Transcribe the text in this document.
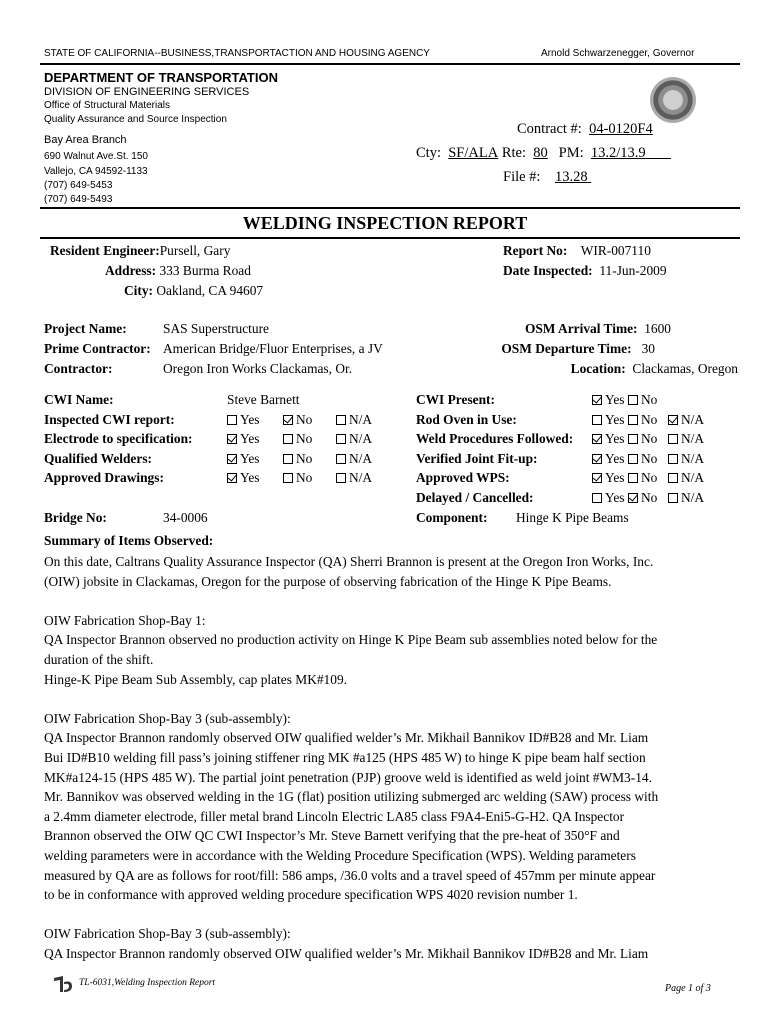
STATE OF CALIFORNIA--BUSINESS,TRANSPORTACTION AND HOUSING AGENCY	Arnold Schwarzenegger, Governor
DEPARTMENT OF TRANSPORTATION
DIVISION OF ENGINEERING SERVICES
Office of Structural Materials
Quality Assurance and Source Inspection
Bay Area Branch
690 Walnut Ave.St. 150
Vallejo, CA 94592-1133
(707) 649-5453
(707) 649-5493
Contract #: 04-0120F4
Cty: SF/ALA Rte: 80 PM: 13.2/13.9
File #: 13.28
WELDING INSPECTION REPORT
Resident Engineer:Pursell, Gary
Address: 333 Burma Road
City: Oakland, CA 94607
Report No: WIR-007110
Date Inspected: 11-Jun-2009
Project Name:	SAS Superstructure
Prime Contractor: American Bridge/Fluor Enterprises, a JV
Contractor:	Oregon Iron Works Clackamas, Or.
OSM Arrival Time: 1600
OSM Departure Time: 30
Location: Clackamas, Oregon
CWI Name:	Steve Barnett
Inspected CWI report:	Yes	No	N/A
Electrode to specification:	Yes	No	N/A
Qualified Welders:	Yes	No	N/A
Approved Drawings:	Yes	No	N/A
CWI Present:	Yes No
Rod Oven in Use:	Yes No N/A
Weld Procedures Followed:	Yes No N/A
Verified Joint Fit-up:	Yes No N/A
Approved WPS:	Yes No N/A
Delayed / Cancelled:	Yes No N/A
Bridge No:	34-0006	Component: Hinge K Pipe Beams
Summary of Items Observed:

On this date, Caltrans Quality Assurance Inspector (QA) Sherri Brannon is present at the Oregon Iron Works, Inc.

(OIW) jobsite in Clackamas, Oregon for the purpose of observing fabrication of the Hinge K Pipe Beams.

OIW Fabrication Shop-Bay 1:

QA Inspector Brannon observed no production activity on Hinge K Pipe Beam sub assemblies noted below for the

duration of the shift.

Hinge-K Pipe Beam Sub Assembly, cap plates MK#109.

OIW Fabrication Shop-Bay 3 (sub-assembly):

QA Inspector Brannon randomly observed OIW qualified welder’s Mr. Mikhail Bannikov ID#B28 and Mr. Liam

Bui ID#B10 welding fill pass’s joining stiffener ring MK #a125 (HPS 485 W) to hinge K pipe beam half section

MK#a124-15 (HPS 485 W). The partial joint penetration (PJP) groove weld is identified as weld joint #WM3-14.

Mr. Bannikov was observed welding in the 1G (flat) position utilizing submerged arc welding (SAW) process with

a 2.4mm diameter electrode, filler metal brand Lincoln Electric LA85 class F9A4-Eni5-G-H2. QA Inspector

Brannon observed the OIW QC CWI Inspector’s Mr. Steve Barnett verifying that the pre-heat of 350°F and

welding parameters were in accordance with the Welding Procedure Specification (WPS). Welding parameters

measured by QA are as follows for root/fill: 586 amps, /36.0 volts and a travel speed of 457mm per minute appear

to be in conformance with approved welding procedure specification WPS 4020 revision number 1.

OIW Fabrication Shop-Bay 3 (sub-assembly):

QA Inspector Brannon randomly observed OIW qualified welder’s Mr. Mikhail Bannikov ID#B28 and Mr. Liam

TL-6031,Welding Inspection Report	Page 1 of 3
